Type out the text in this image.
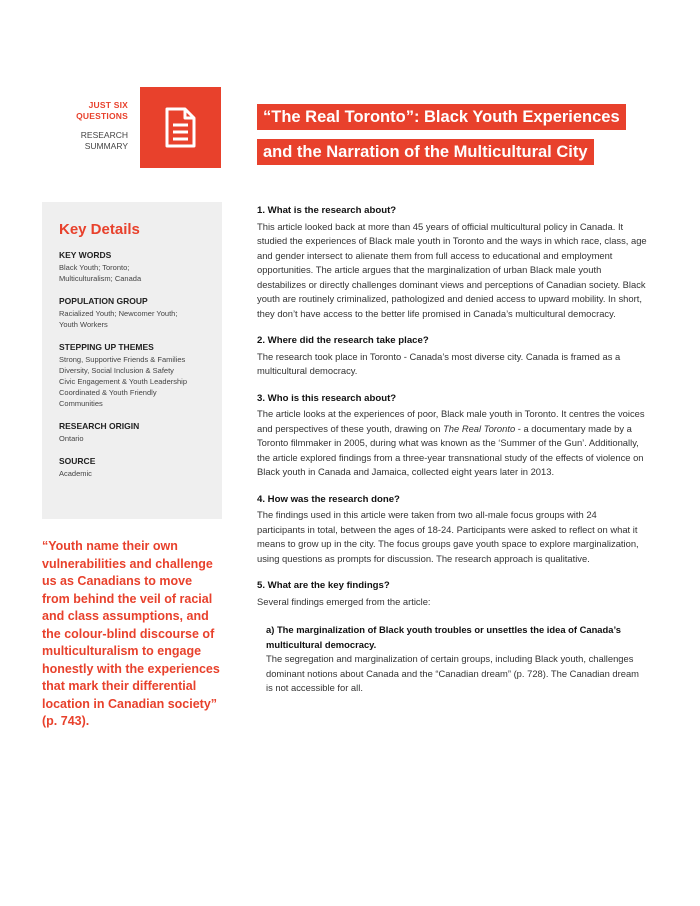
JUST SIX
QUESTIONS
RESEARCH
SUMMARY
“The Real Toronto”: Black Youth Experiences
and the Narration of the Multicultural City
Key Details
KEY WORDS
Black Youth; Toronto;
Multiculturalism; Canada
POPULATION GROUP
Racialized Youth; Newcomer Youth;
Youth Workers
STEPPING UP THEMES
Strong, Supportive Friends & Families
Diversity, Social Inclusion & Safety
Civic Engagement & Youth Leadership
Coordinated & Youth Friendly
Communities
RESEARCH ORIGIN
Ontario
SOURCE
Academic
“Youth name their own vulnerabilities and challenge us as Canadians to move from behind the veil of racial and class assumptions, and the colour-blind discourse of multiculturalism to engage honestly with the experiences that mark their differential location in Canadian society” (p. 743).
1. What is the research about?
This article looked back at more than 45 years of official multicultural policy in Canada. It studied the experiences of Black male youth in Toronto and the ways in which race, class, age and gender intersect to alienate them from full access to educational and employment opportunities. The article argues that the marginalization of urban Black male youth destabilizes or directly challenges dominant views and perceptions of Canadian society. Black youth are routinely criminalized, pathologized and denied access to upward mobility. In short, they don’t have access to the better life promised in Canada’s multicultural democracy.
2. Where did the research take place?
The research took place in Toronto - Canada’s most diverse city. Canada is framed as a multicultural democracy.
3. Who is this research about?
The article looks at the experiences of poor, Black male youth in Toronto. It centres the voices and perspectives of these youth, drawing on The Real Toronto - a documentary made by a Toronto filmmaker in 2005, during what was known as the ‘Summer of the Gun’. Additionally, the article explored findings from a three-year transnational study of the effects of violence on Black youth in Canada and Jamaica, collected eight years later in 2013.
4. How was the research done?
The findings used in this article were taken from two all-male focus groups with 24 participants in total, between the ages of 18-24. Participants were asked to reflect on what it means to grow up in the city. The focus groups gave youth space to explore marginalization, using questions as prompts for discussion. The research approach is qualitative.
5. What are the key findings?
Several findings emerged from the article:
a) The marginalization of Black youth troubles or unsettles the idea of Canada’s multicultural democracy.
The segregation and marginalization of certain groups, including Black youth, challenges dominant notions about Canada and the “Canadian dream” (p. 728). The Canadian dream is not accessible for all.
